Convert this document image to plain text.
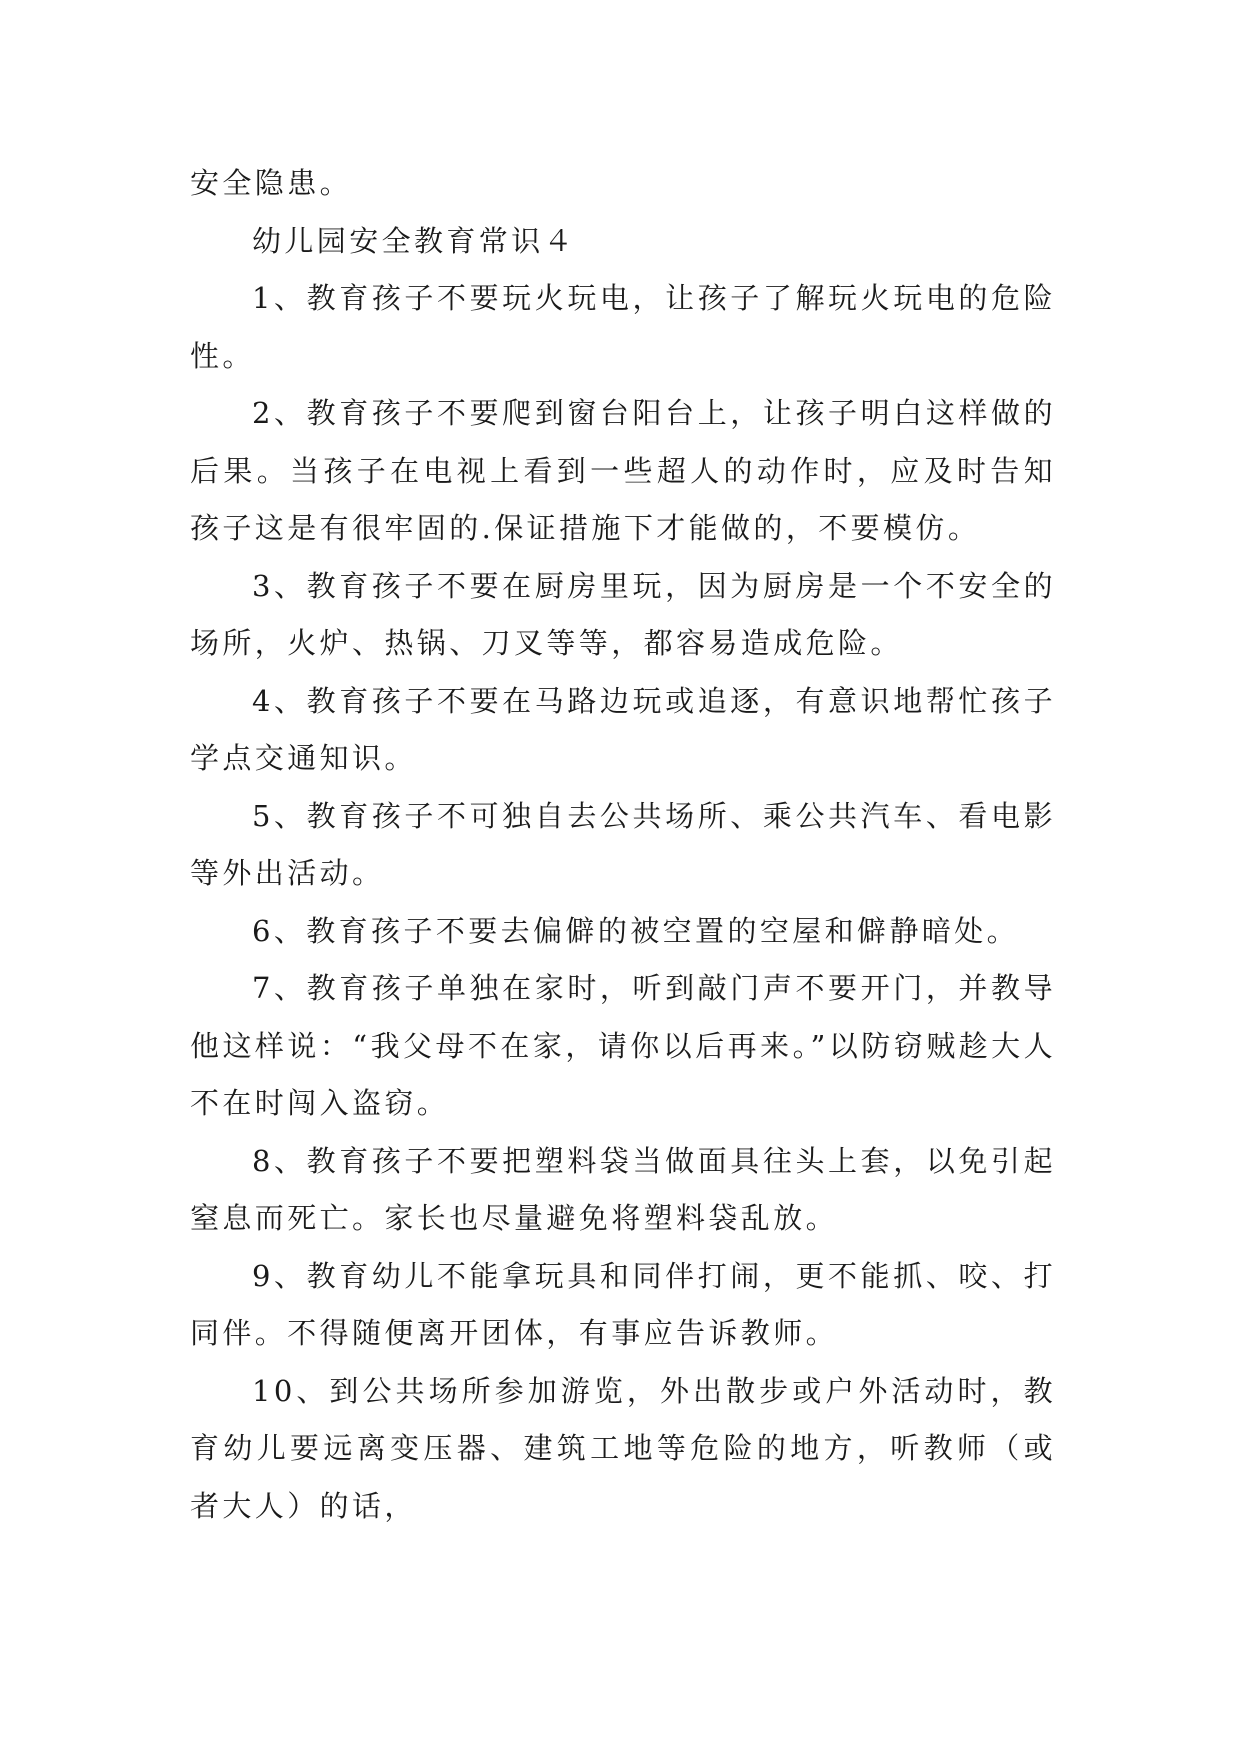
安全隐患。

幼儿园安全教育常识４

1、教育孩子不要玩火玩电，让孩子了解玩火玩电的危险性。

2、教育孩子不要爬到窗台阳台上，让孩子明白这样做的后果。当孩子在电视上看到一些超人的动作时，应及时告知孩子这是有很牢固的.保证措施下才能做的，不要模仿。

3、教育孩子不要在厨房里玩，因为厨房是一个不安全的场所，火炉、热锅、刀叉等等，都容易造成危险。

4、教育孩子不要在马路边玩或追逐，有意识地帮忙孩子学点交通知识。

5、教育孩子不可独自去公共场所、乘公共汽车、看电影等外出活动。

6、教育孩子不要去偏僻的被空置的空屋和僻静暗处。

7、教育孩子单独在家时，听到敲门声不要开门，并教导他这样说：“我父母不在家，请你以后再来。”以防窃贼趁大人不在时闯入盗窃。

8、教育孩子不要把塑料袋当做面具往头上套，以免引起窒息而死亡。家长也尽量避免将塑料袋乱放。

9、教育幼儿不能拿玩具和同伴打闹，更不能抓、咬、打同伴。不得随便离开团体，有事应告诉教师。

10、到公共场所参加游览，外出散步或户外活动时，教育幼儿要远离变压器、建筑工地等危险的地方，听教师（或者大人）的话，
